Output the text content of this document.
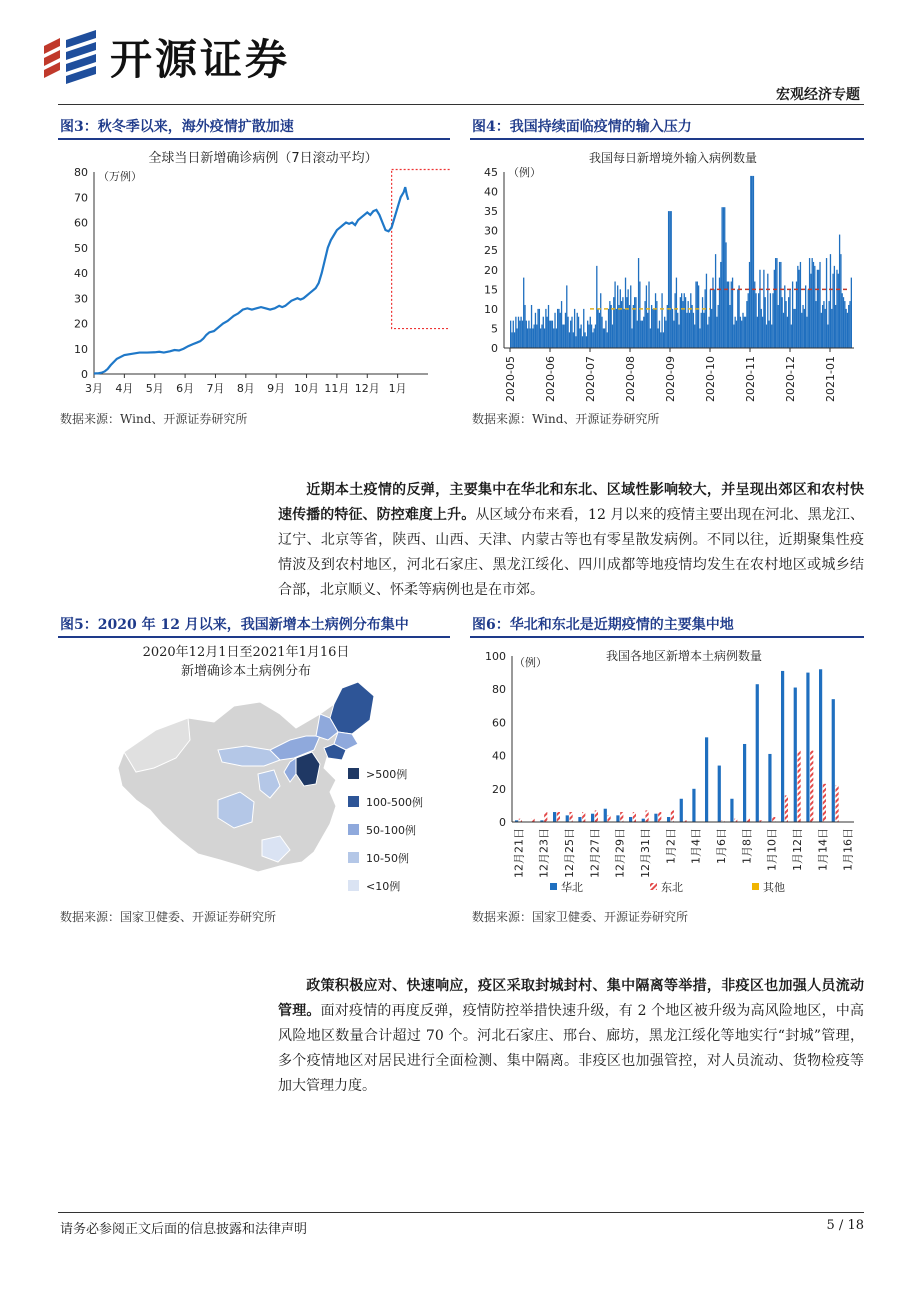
开源证券
宏观经济专题
图3：秋冬季以来，海外疫情扩散加速
全球当日新增确诊病例（7日滚动平均）
（万例）
0
10
20
30
40
50
60
70
80
3月 4月 5月 6月 7月 8月 9月 10月 11月 12月 1月
数据来源：Wind、开源证券研究所
图4：我国持续面临疫情的输入压力
我国每日新增境外输入病例数量
（例）
0
5
10
15
20
25
30
35
40
45
2020-05 2020-06 2020-07 2020-08 2020-09 2020-10 2020-11 2020-12 2021-01
数据来源：Wind、开源证券研究所
近期本土疫情的反弹，主要集中在华北和东北、区域性影响较大，并呈现出郊区和农村快速传播的特征、防控难度上升。从区域分布来看，12 月以来的疫情主要出现在河北、黑龙江、辽宁、北京等省，陕西、山西、天津、内蒙古等也有零星散发病例。不同以往，近期聚集性疫情波及到农村地区，河北石家庄、黑龙江绥化、四川成都等地疫情均发生在农村地区或城乡结合部，北京顺义、怀柔等病例也是在市郊。
图5：2020 年 12 月以来，我国新增本土病例分布集中
2020年12月1日至2021年1月16日
新增确诊本土病例分布
>500例
100-500例
50-100例
10-50例
<10例
数据来源：国家卫健委、开源证券研究所
图6：华北和东北是近期疫情的主要集中地
我国各地区新增本土病例数量
（例）
0
20
40
60
80
100
12月21日 12月23日 12月25日 12月27日 12月29日 12月31日 1月2日 1月4日 1月6日 1月8日 1月10日 1月12日 1月14日 1月16日
华北	东北	其他
数据来源：国家卫健委、开源证券研究所
政策积极应对、快速响应，疫区采取封城封村、集中隔离等举措，非疫区也加强人员流动管理。面对疫情的再度反弹，疫情防控举措快速升级，有 2 个地区被升级为高风险地区，中高风险地区数量合计超过 70 个。河北石家庄、邢台、廊坊，黑龙江绥化等地实行“封城”管理，多个疫情地区对居民进行全面检测、集中隔离。非疫区也加强管控，对人员流动、货物检疫等加大管理力度。
请务必参阅正文后面的信息披露和法律声明	5 / 18
